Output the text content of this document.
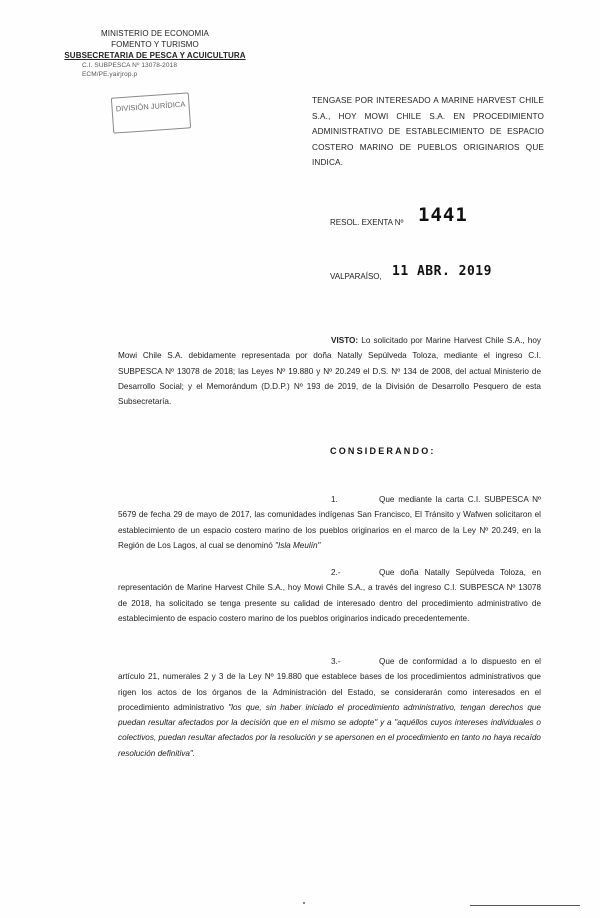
MINISTERIO DE ECONOMIA
FOMENTO Y TURISMO
SUBSECRETARIA DE PESCA Y ACUICULTURA
C.I. SUBPESCA Nº 13078-2018
ECM/PE.yairjrop.p
DIVISIÓN JURÍDICA	TENGASE POR INTERESADO A MARINE HARVEST CHILE S.A., HOY MOWI CHILE S.A. EN PROCEDIMIENTO ADMINISTRATIVO DE ESTABLECIMIENTO DE ESPACIO COSTERO MARINO DE PUEBLOS ORIGINARIOS QUE INDICA.
RESOL. EXENTA Nº 1441
VALPARAÍSO, 11 ABR. 2019
VISTO: Lo solicitado por Marine Harvest Chile S.A., hoy Mowi Chile S.A. debidamente representada por doña Natally Sepúlveda Toloza, mediante el ingreso C.I. SUBPESCA Nº 13078 de 2018; las Leyes Nº 19.880 y Nº 20.249 el D.S. Nº 134 de 2008, del actual Ministerio de Desarrollo Social; y el Memorándum (D.D.P.) Nº 193 de 2019, de la División de Desarrollo Pesquero de esta Subsecretaría.
CONSIDERANDO:
1.	Que mediante la carta C.I. SUBPESCA Nº 5679 de fecha 29 de mayo de 2017, las comunidades indígenas San Francisco, El Tránsito y Wafwen solicitaron el establecimiento de un espacio costero marino de los pueblos originarios en el marco de la Ley Nº 20.249, en la Región de Los Lagos, al cual se denominó "Isla Meulín"
2.-	Que doña Natally Sepúlveda Toloza, en representación de Marine Harvest Chile S.A., hoy Mowi Chile S.A., a través del ingreso C.I. SUBPESCA Nº 13078 de 2018, ha solicitado se tenga presente su calidad de interesado dentro del procedimiento administrativo de establecimiento de espacio costero marino de los pueblos originarios indicado precedentemente.
3.-	Que de conformidad a lo dispuesto en el artículo 21, numerales 2 y 3 de la Ley Nº 19.880 que establece bases de los procedimientos administrativos que rigen los actos de los órganos de la Administración del Estado, se considerarán como interesados en el procedimiento administrativo "los que, sin haber iniciado el procedimiento administrativo, tengan derechos que puedan resultar afectados por la decisión que en el mismo se adopte" y a "aquéllos cuyos intereses individuales o colectivos, puedan resultar afectados por la resolución y se apersonen en el procedimiento en tanto no haya recaído resolución definitiva".
